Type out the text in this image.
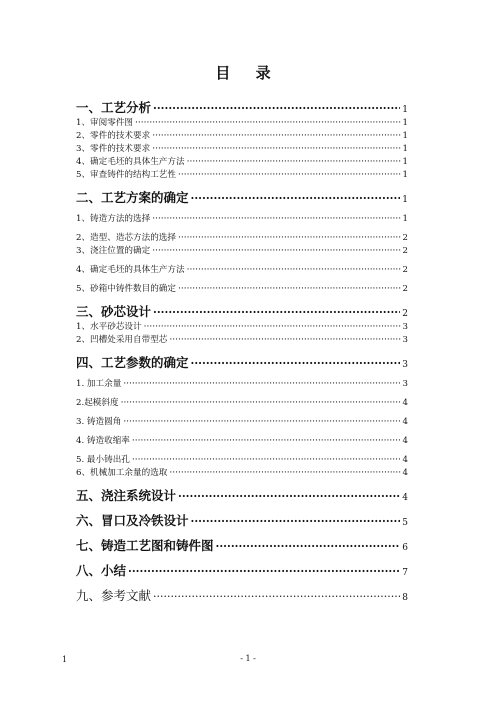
目 录
一、工艺分析 ·····	1
1、审阅零件图 ·····	1
2、零件的技术要求 ·····	1
3、零件的技术要求 ·····	1
4、确定毛坯的具体生产方法 ·····	1
5、审查铸件的结构工艺性 ·····	1
二、工艺方案的确定 ·····	1
1、铸造方法的选择 ·····	1
2、造型、造芯方法的选择 ·····	2
3、浇注位置的确定 ·····	2
4、确定毛坯的具体生产方法 ·····	2
5、砂箱中铸件数目的确定 ·····	2
三、砂芯设计 ·····	2
1、水平砂芯设计 ·····	3
2、凹槽处采用自带型芯 ·····	3
四、工艺参数的确定 ·····	3
1. 加工余量 ·····	3
2.起模斜度 ·····	4
3. 铸造圆角 ·····	4
4. 铸造收缩率 ·····	4
5. 最小铸出孔 ·····	4
6、机械加工余量的选取 ·····	4
五、浇注系统设计 ·····	4
六、冒口及冷铁设计 ·····	5
七、铸造工艺图和铸件图 ·····	6
八、小结 ·····	7
九、参考文献 ·····	8
1	- 1 -
